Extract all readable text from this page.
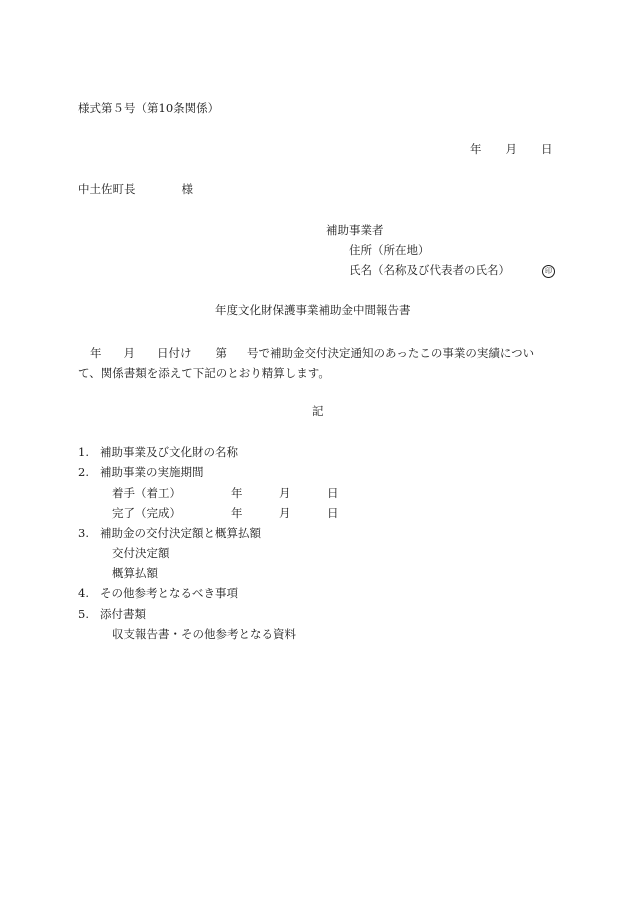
様式第５号（第10条関係）
年 月 日
中土佐町長	様
補助事業者
住所（所在地）
氏名（名称及び代表者の氏名）	印
年度文化財保護事業補助金中間報告書
年 月 日付け 第 号で補助金交付決定通知のあったこの事業の実績につい
て、関係書類を添えて下記のとおり精算します。
記
1. 補助事業及び文化財の名称
2. 補助事業の実施期間
着手（着工）	年	月	日
完了（完成）	年	月	日
3. 補助金の交付決定額と概算払額
交付決定額
概算払額
4. その他参考となるべき事項
5. 添付書類
収支報告書・その他参考となる資料
